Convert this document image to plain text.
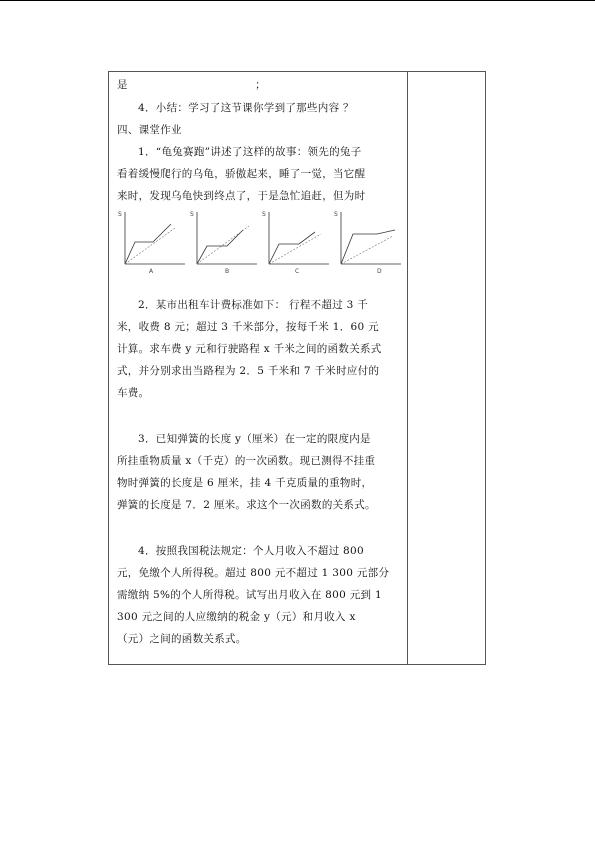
是	；
4．小结：学习了这节课你学到了那些内容 ？
四、课堂作业
1．“龟兔赛跑”讲述了这样的故事：领先的兔子
看着缓慢爬行的乌龟，骄傲起来，睡了一觉，当它醒
来时，发现乌龟快到终点了，于是急忙追赶，但为时
S
A
S
B
S
C
S
D
2．某市出租车计费标准如下： 行程不超过 3 千
米，收费 8 元；超过 3 千米部分，按每千米 1．60 元
计算。求车费 y 元和行驶路程 x 千米之间的函数关系式
式，并分别求出当路程为 2．5 千米和 7 千米时应付的
车费。
3．已知弹簧的长度 y（厘米）在一定的限度内是
所挂重物质量 x（千克）的一次函数。现已测得不挂重
物时弹簧的长度是 6 厘米，挂 4 千克质量的重物时，
弹簧的长度是 7．2 厘米。求这个一次函数的关系式。
4．按照我国税法规定：个人月收入不超过 800
元，免缴个人所得税。超过 800 元不超过 1 300 元部分
需缴纳 5%的个人所得税。试写出月收入在 800 元到 1
300 元之间的人应缴纳的税金 y（元）和月收入 x
（元）之间的函数关系式。
